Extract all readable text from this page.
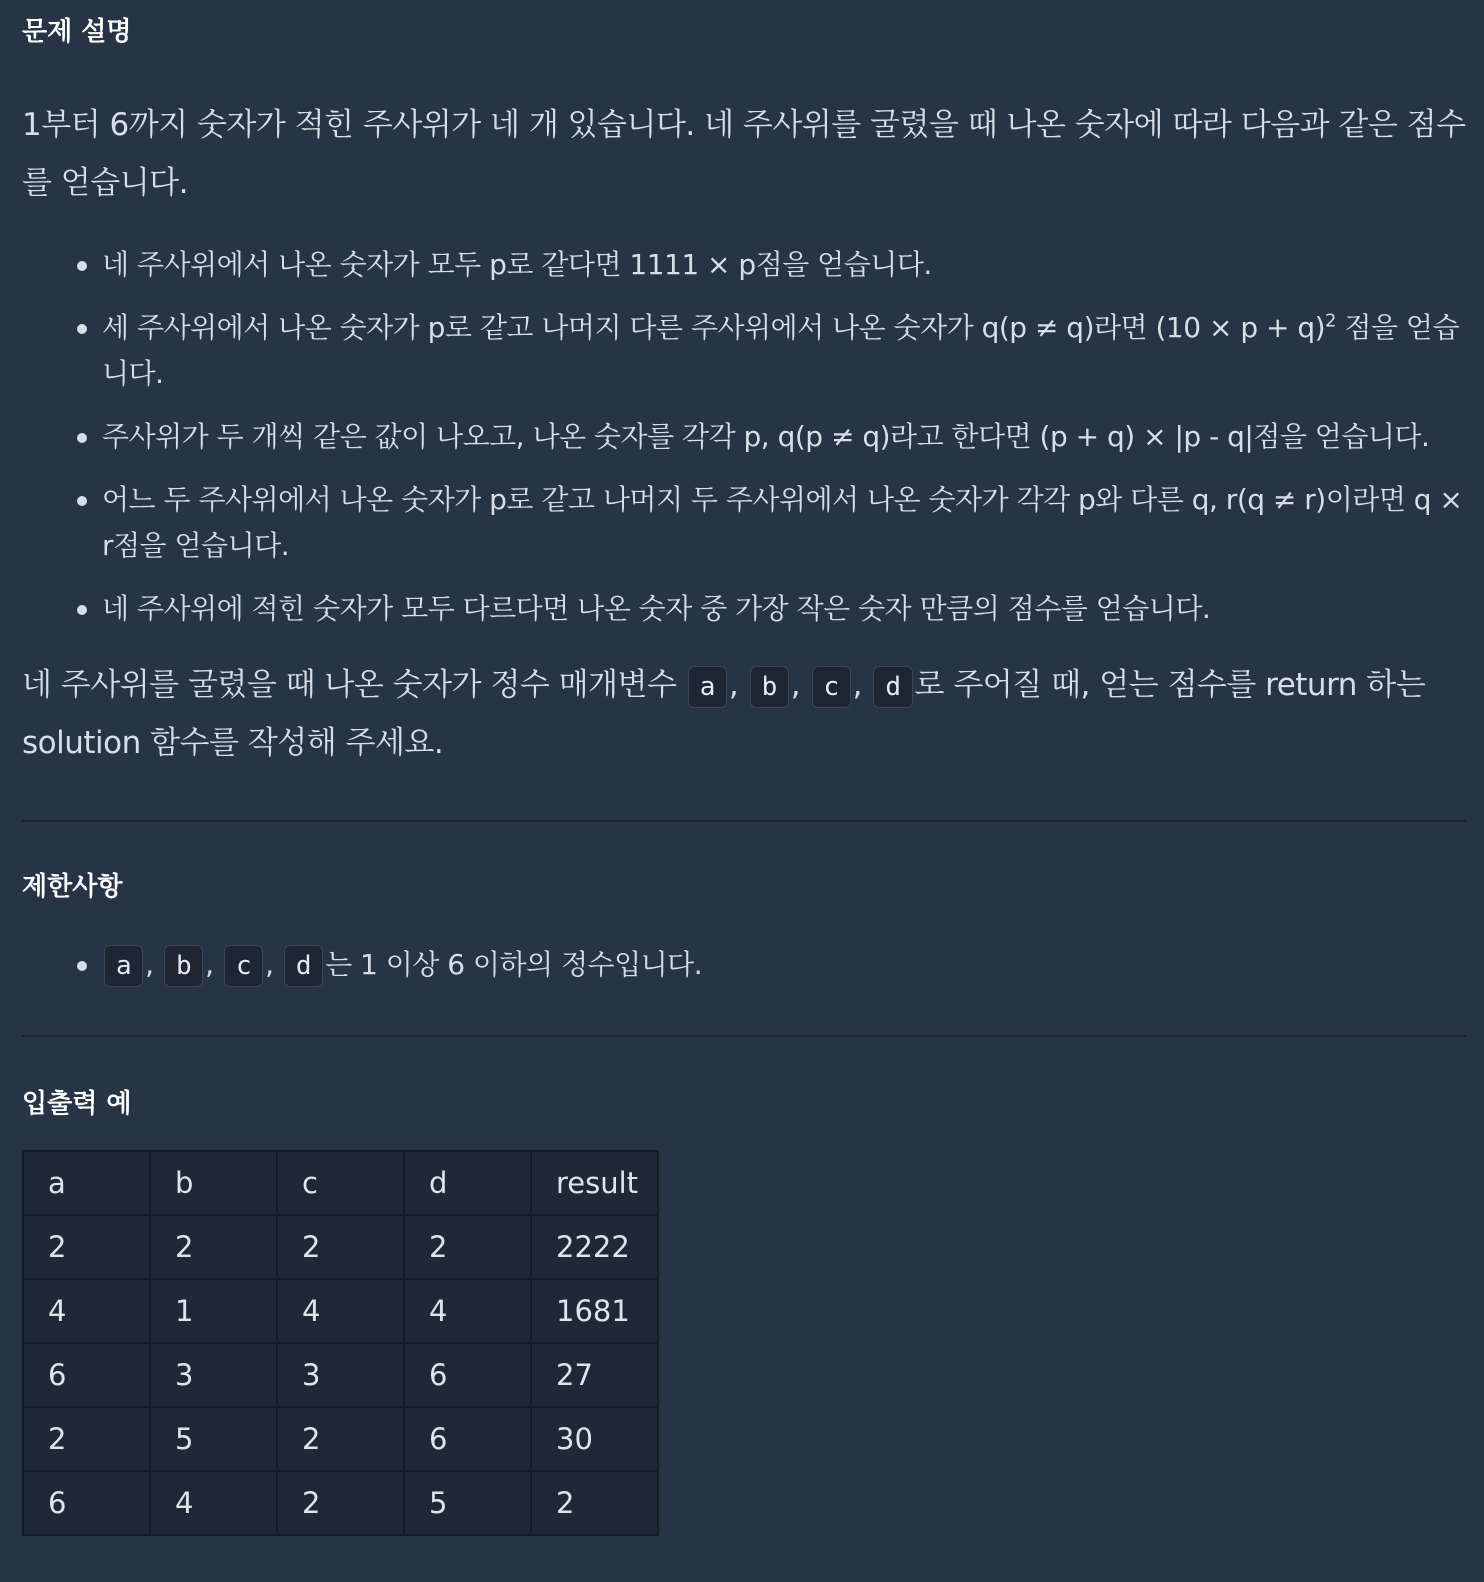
문제 설명

1부터 6까지 숫자가 적힌 주사위가 네 개 있습니다. 네 주사위를 굴렸을 때 나온 숫자에 따라 다음과 같은 점수를 얻습니다.

네 주사위에서 나온 숫자가 모두 p로 같다면 1111 × p점을 얻습니다.
세 주사위에서 나온 숫자가 p로 같고 나머지 다른 주사위에서 나온 숫자가 q(p ≠ q)라면 $(10 \times p + q)^2$ 점을 얻습니다.
주사위가 두 개씩 같은 값이 나오고, 나온 숫자를 각각 p, q(p ≠ q)라고 한다면 (p + q) × |p - q|점을 얻습니다.
어느 두 주사위에서 나온 숫자가 p로 같고 나머지 두 주사위에서 나온 숫자가 각각 p와 다른 q, r(q ≠ r)이라면 q × r점을 얻습니다.
네 주사위에 적힌 숫자가 모두 다르다면 나온 숫자 중 가장 작은 숫자 만큼의 점수를 얻습니다.

네 주사위를 굴렸을 때 나온 숫자가 정수 매개변수 a , b , c , d 로 주어질 때, 얻는 점수를 return 하는 solution 함수를 작성해 주세요.

제한사항
a , b , c , d 는 1 이상 6 이하의 정수입니다.
입출력 예
a	b	c	d	result
2	2	2	2	2222
4	1	4	4	1681
6	3	3	6	27
2	5	2	6	30
6	4	2	5	2
